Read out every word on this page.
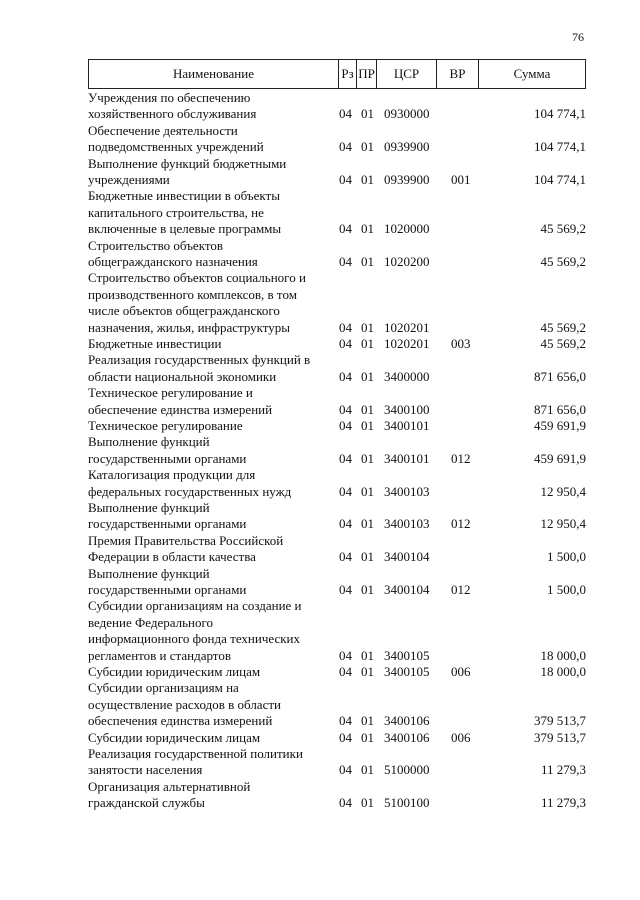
76
Наименование	Рз ПР	ЦСР	ВР	Сумма
Учреждения по обеспечению
хозяйственного обслуживания	04 01 0930000	104 774,1
Обеспечение деятельности
подведомственных учреждений	04 01 0939900	104 774,1
Выполнение функций бюджетными
учреждениями	04 01 0939900 001	104 774,1
Бюджетные инвестиции в объекты
капитального строительства, не
включенные в целевые программы	04 01 1020000	45 569,2
Строительство объектов
общегражданского назначения	04 01 1020200	45 569,2
Строительство объектов социального и
производственного комплексов, в том
числе объектов общегражданского
назначения, жилья, инфраструктуры	04 01 1020201	45 569,2
Бюджетные инвестиции	04 01 1020201 003	45 569,2
Реализация государственных функций в
области национальной экономики	04 01 3400000	871 656,0
Техническое регулирование и
обеспечение единства измерений	04 01 3400100	871 656,0
Техническое регулирование	04 01 3400101	459 691,9
Выполнение функций
государственными органами	04 01 3400101 012	459 691,9
Каталогизация продукции для
федеральных государственных нужд	04 01 3400103	12 950,4
Выполнение функций
государственными органами	04 01 3400103 012	12 950,4
Премия Правительства Российской
Федерации в области качества	04 01 3400104	1 500,0
Выполнение функций
государственными органами	04 01 3400104 012	1 500,0
Субсидии организациям на создание и
ведение Федерального
информационного фонда технических
регламентов и стандартов	04 01 3400105	18 000,0
Субсидии юридическим лицам	04 01 3400105 006	18 000,0
Субсидии организациям на
осуществление расходов в области
обеспечения единства измерений	04 01 3400106	379 513,7
Субсидии юридическим лицам	04 01 3400106 006	379 513,7
Реализация государственной политики
занятости населения	04 01 5100000	11 279,3
Организация альтернативной
гражданской службы	04 01 5100100	11 279,3
